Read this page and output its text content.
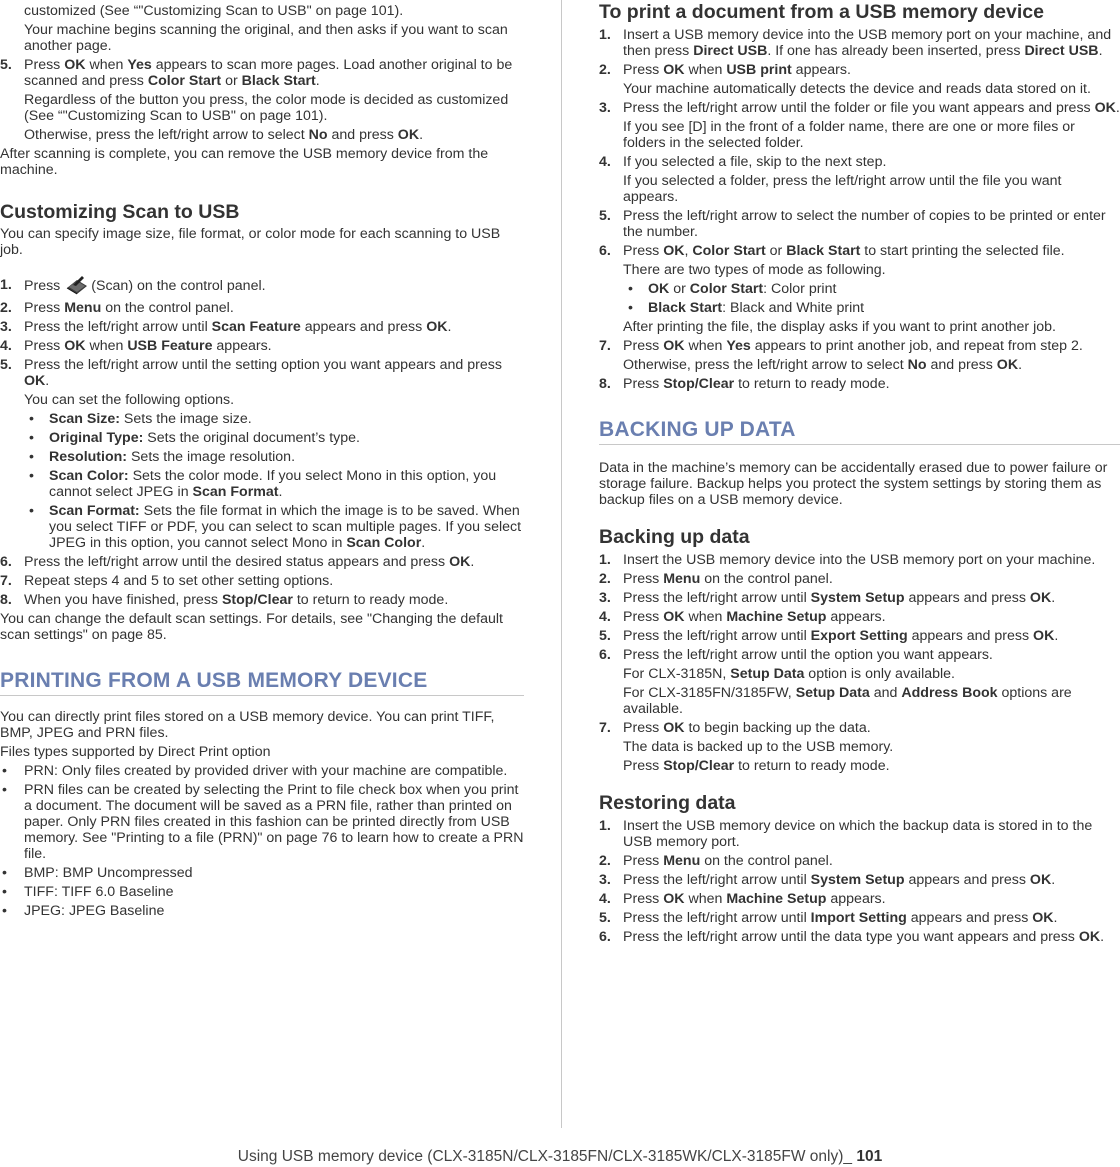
customized (See “"Customizing Scan to USB" on page 101).
Your machine begins scanning the original, and then asks if you want to scan another page.
5. Press OK when Yes appears to scan more pages. Load another original to be scanned and press Color Start or Black Start.
Regardless of the button you press, the color mode is decided as customized (See “"Customizing Scan to USB" on page 101).
Otherwise, press the left/right arrow to select No and press OK.
After scanning is complete, you can remove the USB memory device from the machine.
Customizing Scan to USB

You can specify image size, file format, or color mode for each scanning to USB job.

1. Press (Scan) on the control panel.
2. Press Menu on the control panel.
3. Press the left/right arrow until Scan Feature appears and press OK.
4. Press OK when USB Feature appears.
5. Press the left/right arrow until the setting option you want appears and press OK.
You can set the following options.
• Scan Size: Sets the image size.
• Original Type: Sets the original document’s type.
• Resolution: Sets the image resolution.
• Scan Color: Sets the color mode. If you select Mono in this option, you cannot select JPEG in Scan Format.
• Scan Format: Sets the file format in which the image is to be saved. When you select TIFF or PDF, you can select to scan multiple pages. If you select JPEG in this option, you cannot select Mono in Scan Color.
6. Press the left/right arrow until the desired status appears and press OK.
7. Repeat steps 4 and 5 to set other setting options.
8. When you have finished, press Stop/Clear to return to ready mode.
You can change the default scan settings. For details, see "Changing the default scan settings" on page 85.
PRINTING FROM A USB MEMORY DEVICE
You can directly print files stored on a USB memory device. You can print TIFF, BMP, JPEG and PRN files.
Files types supported by Direct Print option
• PRN: Only files created by provided driver with your machine are compatible.
• PRN files can be created by selecting the Print to file check box when you print a document. The document will be saved as a PRN file, rather than printed on paper. Only PRN files created in this fashion can be printed directly from USB memory. See "Printing to a file (PRN)" on page 76 to learn how to create a PRN file.
• BMP: BMP Uncompressed
• TIFF: TIFF 6.0 Baseline
• JPEG: JPEG Baseline
To print a document from a USB memory device
1. Insert a USB memory device into the USB memory port on your machine, and then press Direct USB. If one has already been inserted, press Direct USB.
2. Press OK when USB print appears.
Your machine automatically detects the device and reads data stored on it.
3. Press the left/right arrow until the folder or file you want appears and press OK.
If you see [D] in the front of a folder name, there are one or more files or folders in the selected folder.
4. If you selected a file, skip to the next step.
If you selected a folder, press the left/right arrow until the file you want appears.
5. Press the left/right arrow to select the number of copies to be printed or enter the number.
6. Press OK, Color Start or Black Start to start printing the selected file.
There are two types of mode as following.
• OK or Color Start: Color print
• Black Start: Black and White print
After printing the file, the display asks if you want to print another job.
7. Press OK when Yes appears to print another job, and repeat from step 2.
Otherwise, press the left/right arrow to select No and press OK.
8. Press Stop/Clear to return to ready mode.
BACKING UP DATA

Data in the machine’s memory can be accidentally erased due to power failure or storage failure. Backup helps you protect the system settings by storing them as backup files on a USB memory device.

Backing up data
1. Insert the USB memory device into the USB memory port on your machine.
2. Press Menu on the control panel.
3. Press the left/right arrow until System Setup appears and press OK.
4. Press OK when Machine Setup appears.
5. Press the left/right arrow until Export Setting appears and press OK.
6. Press the left/right arrow until the option you want appears.
For CLX-3185N, Setup Data option is only available.
For CLX-3185FN/3185FW, Setup Data and Address Book options are available.
7. Press OK to begin backing up the data.
The data is backed up to the USB memory.
Press Stop/Clear to return to ready mode.
Restoring data
1. Insert the USB memory device on which the backup data is stored in to the USB memory port.
2. Press Menu on the control panel.
3. Press the left/right arrow until System Setup appears and press OK.
4. Press OK when Machine Setup appears.
5. Press the left/right arrow until Import Setting appears and press OK.
6. Press the left/right arrow until the data type you want appears and press OK.
Using USB memory device (CLX-3185N/CLX-3185FN/CLX-3185WK/CLX-3185FW only)_ 101
